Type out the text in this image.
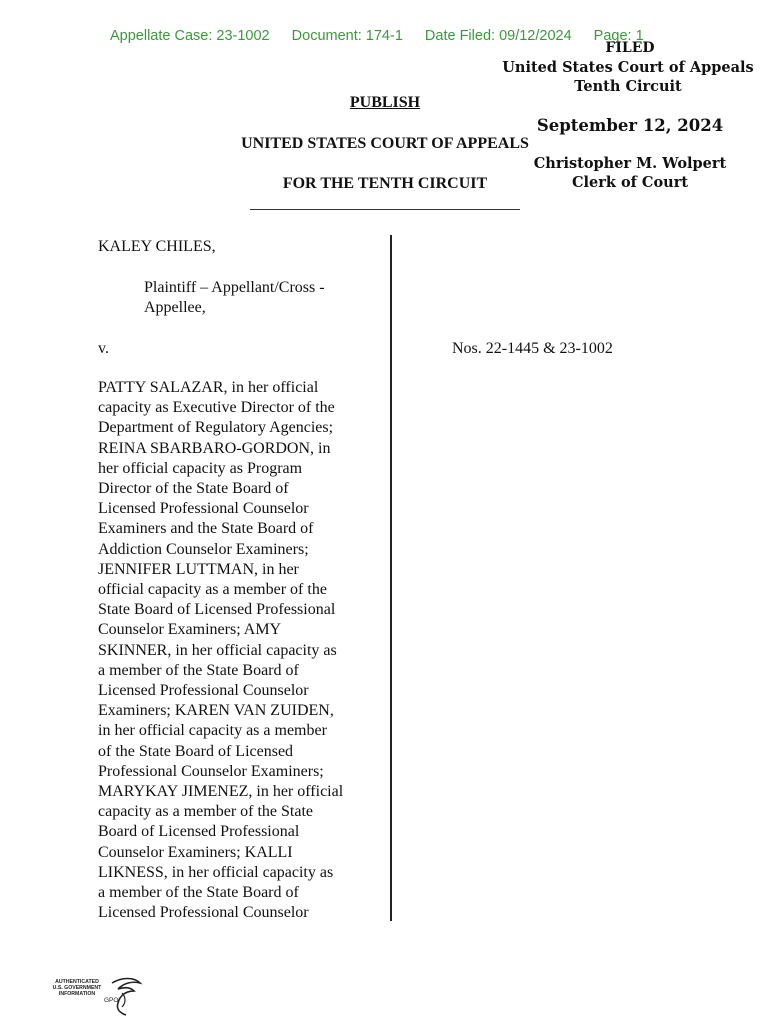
Appellate Case: 23-1002 Document: 174-1 Date Filed: 09/12/2024 Page: 1
FILED
United States Court of Appeals
Tenth Circuit
September 12, 2024
Christopher M. Wolpert
Clerk of Court
PUBLISH
UNITED STATES COURT OF APPEALS
FOR THE TENTH CIRCUIT
KALEY CHILES,
Plaintiff – Appellant/Cross -
Appellee,
v.	Nos. 22-1445 & 23-1002
PATTY SALAZAR, in her official
capacity as Executive Director of the
Department of Regulatory Agencies;
REINA SBARBARO-GORDON, in
her official capacity as Program
Director of the State Board of
Licensed Professional Counselor
Examiners and the State Board of
Addiction Counselor Examiners;
JENNIFER LUTTMAN, in her
official capacity as a member of the
State Board of Licensed Professional
Counselor Examiners; AMY
SKINNER, in her official capacity as
a member of the State Board of
Licensed Professional Counselor
Examiners; KAREN VAN ZUIDEN,
in her official capacity as a member
of the State Board of Licensed
Professional Counselor Examiners;
MARYKAY JIMENEZ, in her official
capacity as a member of the State
Board of Licensed Professional
Counselor Examiners; KALLI
LIKNESS, in her official capacity as
a member of the State Board of
Licensed Professional Counselor
AUTHENTICATED
U.S. GOVERNMENT
INFORMATION
GPO
